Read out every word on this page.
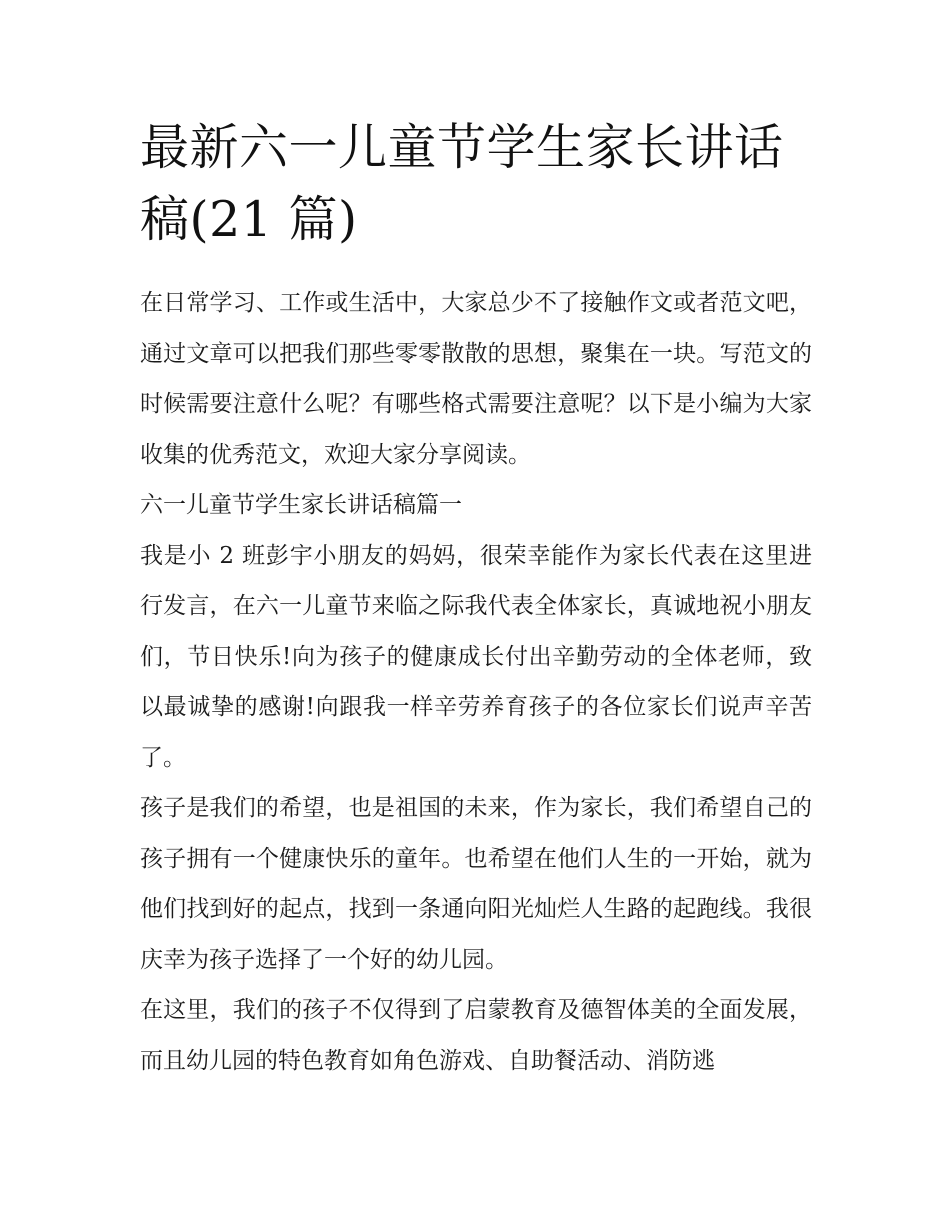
最新六一儿童节学生家长讲话稿(21 篇)

在日常学习、工作或生活中，大家总少不了接触作文或者范文吧，通过文章可以把我们那些零零散散的思想，聚集在一块。写范文的时候需要注意什么呢？有哪些格式需要注意呢？以下是小编为大家收集的优秀范文，欢迎大家分享阅读。

六一儿童节学生家长讲话稿篇一

我是小 2 班彭宇小朋友的妈妈，很荣幸能作为家长代表在这里进行发言，在六一儿童节来临之际我代表全体家长，真诚地祝小朋友们，节日快乐!向为孩子的健康成长付出辛勤劳动的全体老师，致以最诚挚的感谢!向跟我一样辛劳养育孩子的各位家长们说声辛苦了。

孩子是我们的希望，也是祖国的未来，作为家长，我们希望自己的孩子拥有一个健康快乐的童年。也希望在他们人生的一开始，就为他们找到好的起点，找到一条通向阳光灿烂人生路的起跑线。我很庆幸为孩子选择了一个好的幼儿园。

在这里，我们的孩子不仅得到了启蒙教育及德智体美的全面发展，而且幼儿园的特色教育如角色游戏、自助餐活动、消防逃
